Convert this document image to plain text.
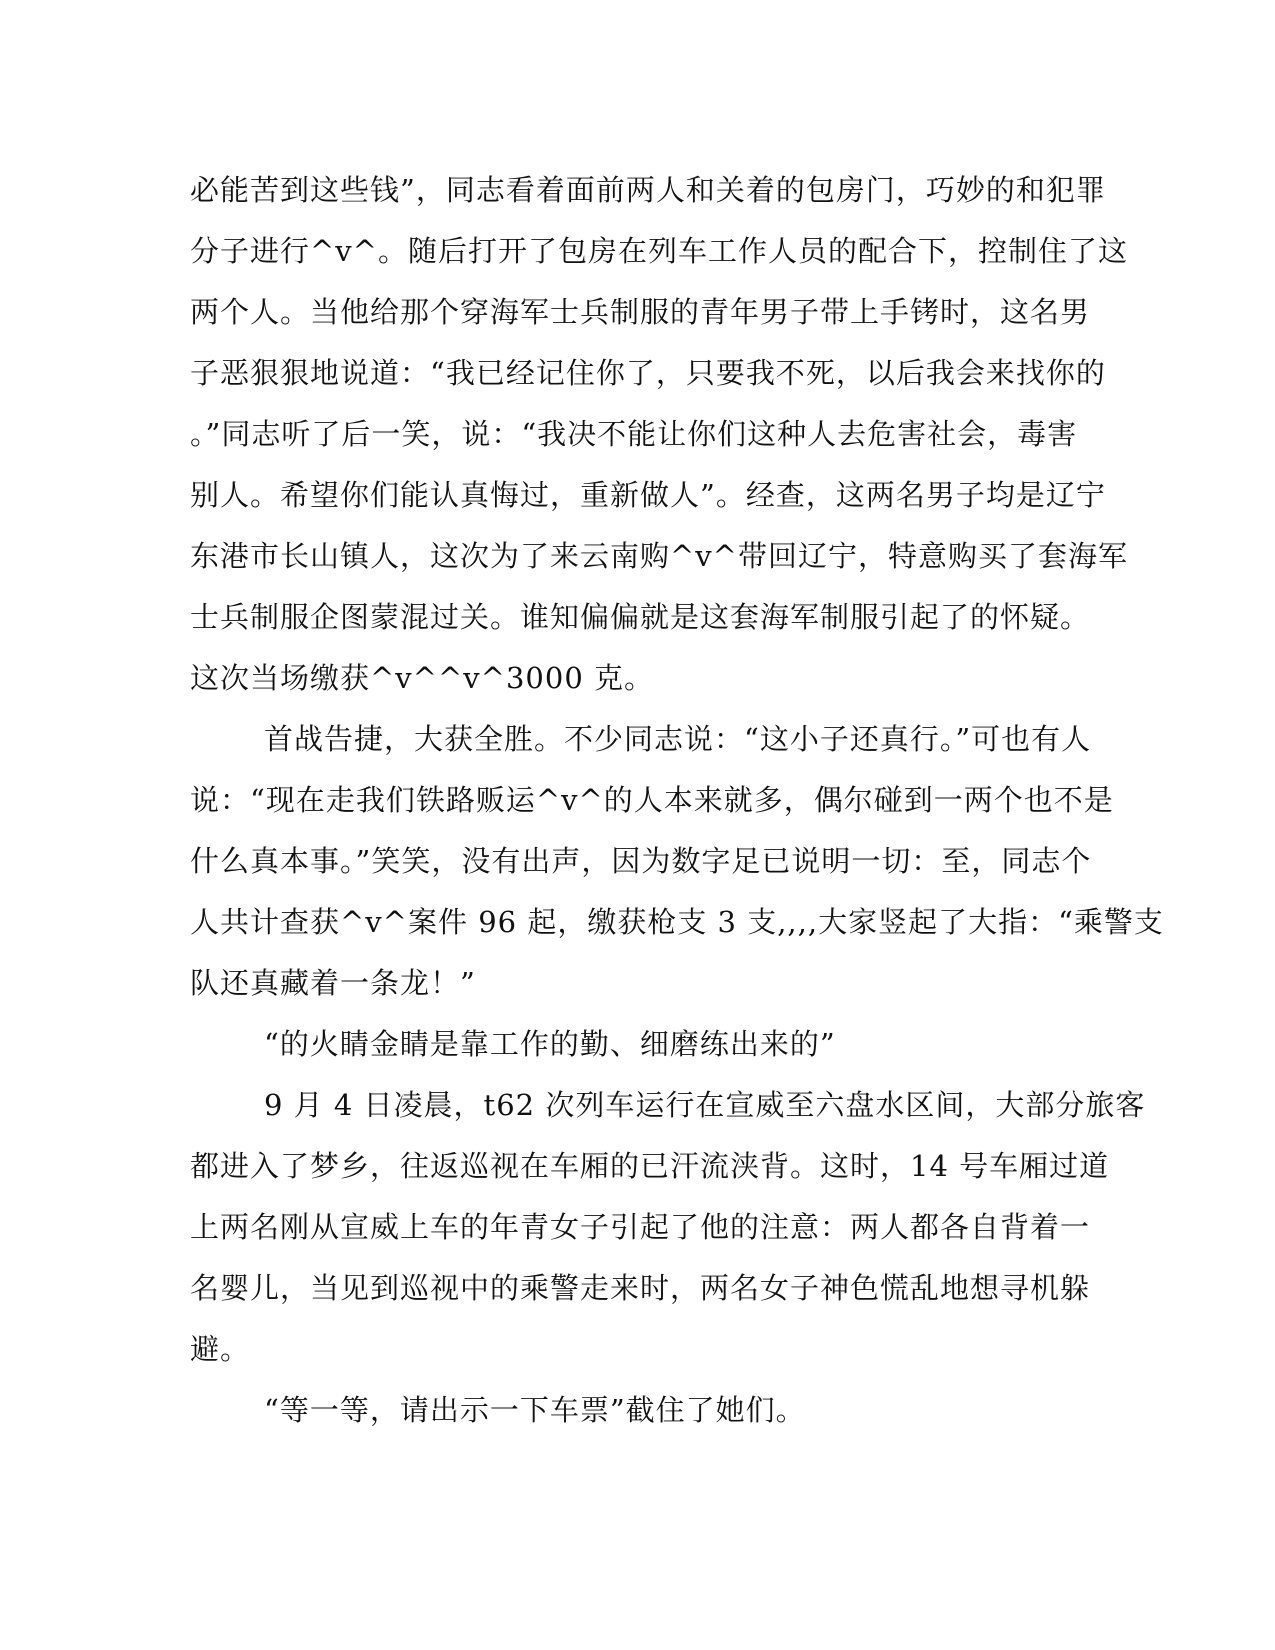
必能苦到这些钱”，同志看着面前两人和关着的包房门，巧妙的和犯罪
分子进行^v^。随后打开了包房在列车工作人员的配合下，控制住了这
两个人。当他给那个穿海军士兵制服的青年男子带上手铐时，这名男
子恶狠狠地说道：“我已经记住你了，只要我不死，以后我会来找你的
。”同志听了后一笑，说：“我决不能让你们这种人去危害社会，毒害
别人。希望你们能认真悔过，重新做人”。经查，这两名男子均是辽宁
东港市长山镇人，这次为了来云南购^v^带回辽宁，特意购买了套海军
士兵制服企图蒙混过关。谁知偏偏就是这套海军制服引起了的怀疑。
这次当场缴获^v^^v^3000 克。
首战告捷，大获全胜。不少同志说：“这小子还真行。”可也有人
说：“现在走我们铁路贩运^v^的人本来就多，偶尔碰到一两个也不是
什么真本事。”笑笑，没有出声，因为数字足已说明一切：至，同志个
人共计查获^v^案件 96 起，缴获枪支 3 支,,,,大家竖起了大指：“乘警支
队还真藏着一条龙！”
“的火睛金睛是靠工作的勤、细磨练出来的”
9 月 4 日凌晨，t62 次列车运行在宣威至六盘水区间，大部分旅客
都进入了梦乡，往返巡视在车厢的已汗流浃背。这时，14 号车厢过道
上两名刚从宣威上车的年青女子引起了他的注意：两人都各自背着一
名婴儿，当见到巡视中的乘警走来时，两名女子神色慌乱地想寻机躲
避。
“等一等，请出示一下车票”截住了她们。
